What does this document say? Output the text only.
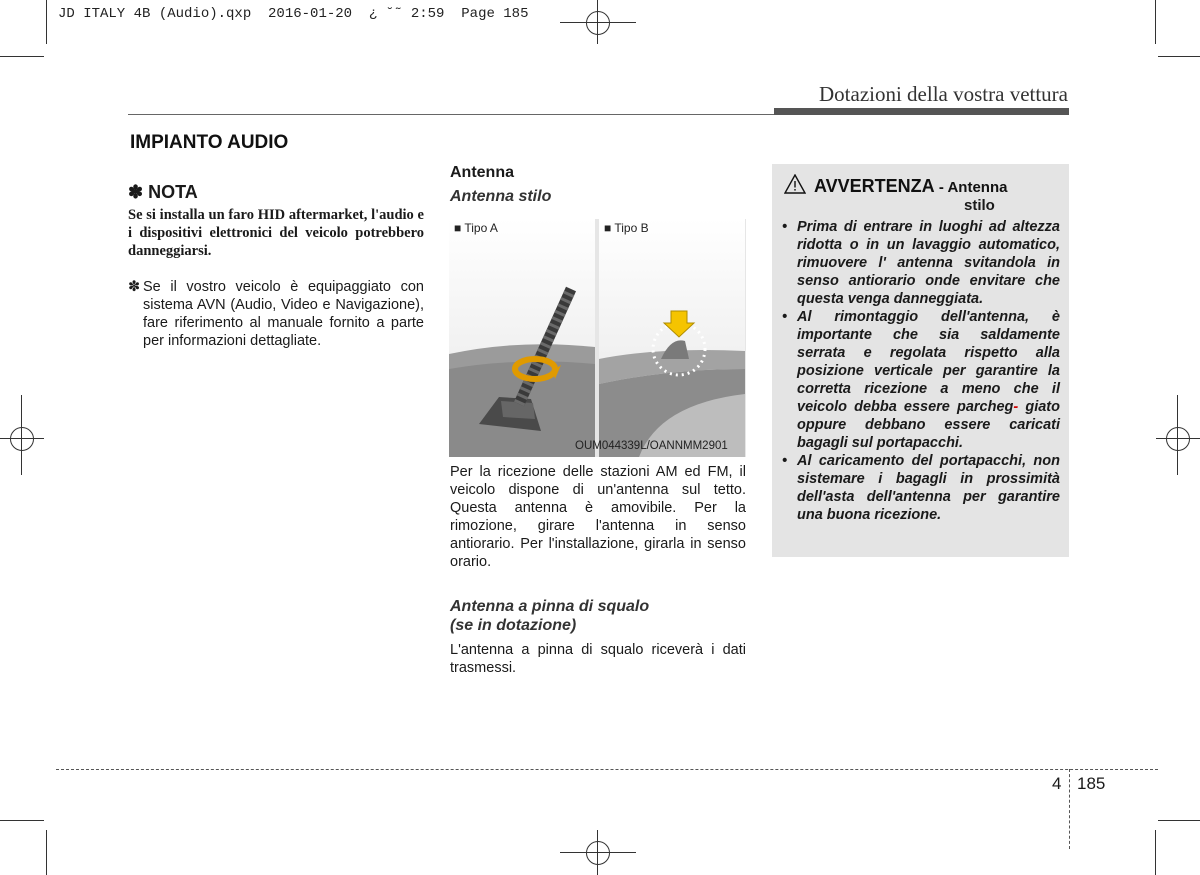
JD ITALY 4B (Audio).qxp  2016-01-20  ¿ ˘˜ 2:59  Page 185
Dotazioni della vostra vettura
IMPIANTO AUDIO
✽ NOTA
Se si installa un faro HID aftermarket, l'audio e i dispositivi elettronici del veicolo potrebbero danneggiarsi.
✽ Se il vostro veicolo è equipaggiato con sistema AVN (Audio, Video e Navigazione), fare riferimento al manuale fornito a parte per informazioni dettagliate.
Antenna
Antenna stilo
■ Tipo A	■ Tipo B
OUM044339L/OANNMM2901
Per la ricezione delle stazioni AM ed FM, il veicolo dispone di un'antenna sul tetto. Questa antenna è amovibile. Per la rimozione, girare l'antenna in senso antiorario. Per l'installazione, girarla in senso orario.
Antenna a pinna di squalo
(se in dotazione)
L'antenna a pinna di squalo riceverà i dati trasmessi.
AVVERTENZA - Antenna
stilo
• Prima di entrare in luoghi ad altezza ridotta o in un lavaggio automatico, rimuovere l' antenna svitandola in senso antiorario onde envitare che questa venga danneggiata.
• Al rimontaggio dell'antenna, è importante che sia saldamente serrata e regolata rispetto alla posizione verticale per garantire la corretta ricezione a meno che il veicolo debba essere parcheg- giato oppure debbano essere caricati bagagli sul portapacchi.
• Al caricamento del portapacchi, non sistemare i bagagli in prossimità dell'asta dell'antenna per garantire una buona ricezione.
4 185
